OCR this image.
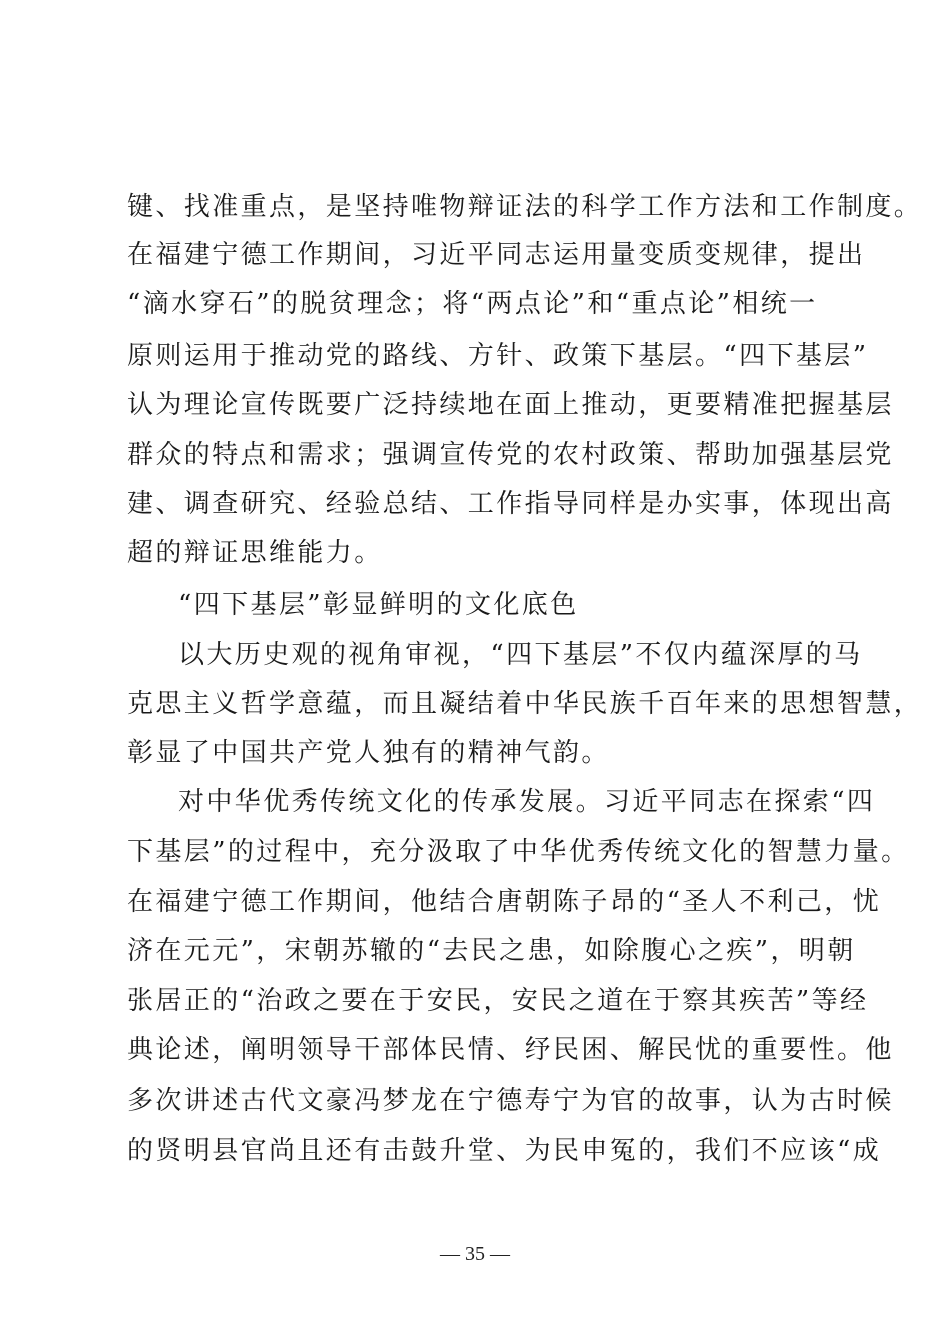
键、找准重点，是坚持唯物辩证法的科学工作方法和工作制度。
在福建宁德工作期间，习近平同志运用量变质变规律，提出
“滴水穿石”的脱贫理念；将“两点论”和“重点论”相统一
原则运用于推动党的路线、方针、政策下基层。“四下基层”
认为理论宣传既要广泛持续地在面上推动，更要精准把握基层
群众的特点和需求；强调宣传党的农村政策、帮助加强基层党
建、调查研究、经验总结、工作指导同样是办实事，体现出高
超的辩证思维能力。
“四下基层”彰显鲜明的文化底色
以大历史观的视角审视，“四下基层”不仅内蕴深厚的马
克思主义哲学意蕴，而且凝结着中华民族千百年来的思想智慧，
彰显了中国共产党人独有的精神气韵。
对中华优秀传统文化的传承发展。习近平同志在探索“四
下基层”的过程中，充分汲取了中华优秀传统文化的智慧力量。
在福建宁德工作期间，他结合唐朝陈子昂的“圣人不利己，忧
济在元元”，宋朝苏辙的“去民之患，如除腹心之疾”，明朝
张居正的“治政之要在于安民，安民之道在于察其疾苦”等经
典论述，阐明领导干部体民情、纾民困、解民忧的重要性。他
多次讲述古代文豪冯梦龙在宁德寿宁为官的故事，认为古时候
的贤明县官尚且还有击鼓升堂、为民申冤的，我们不应该“成
— 35 —
